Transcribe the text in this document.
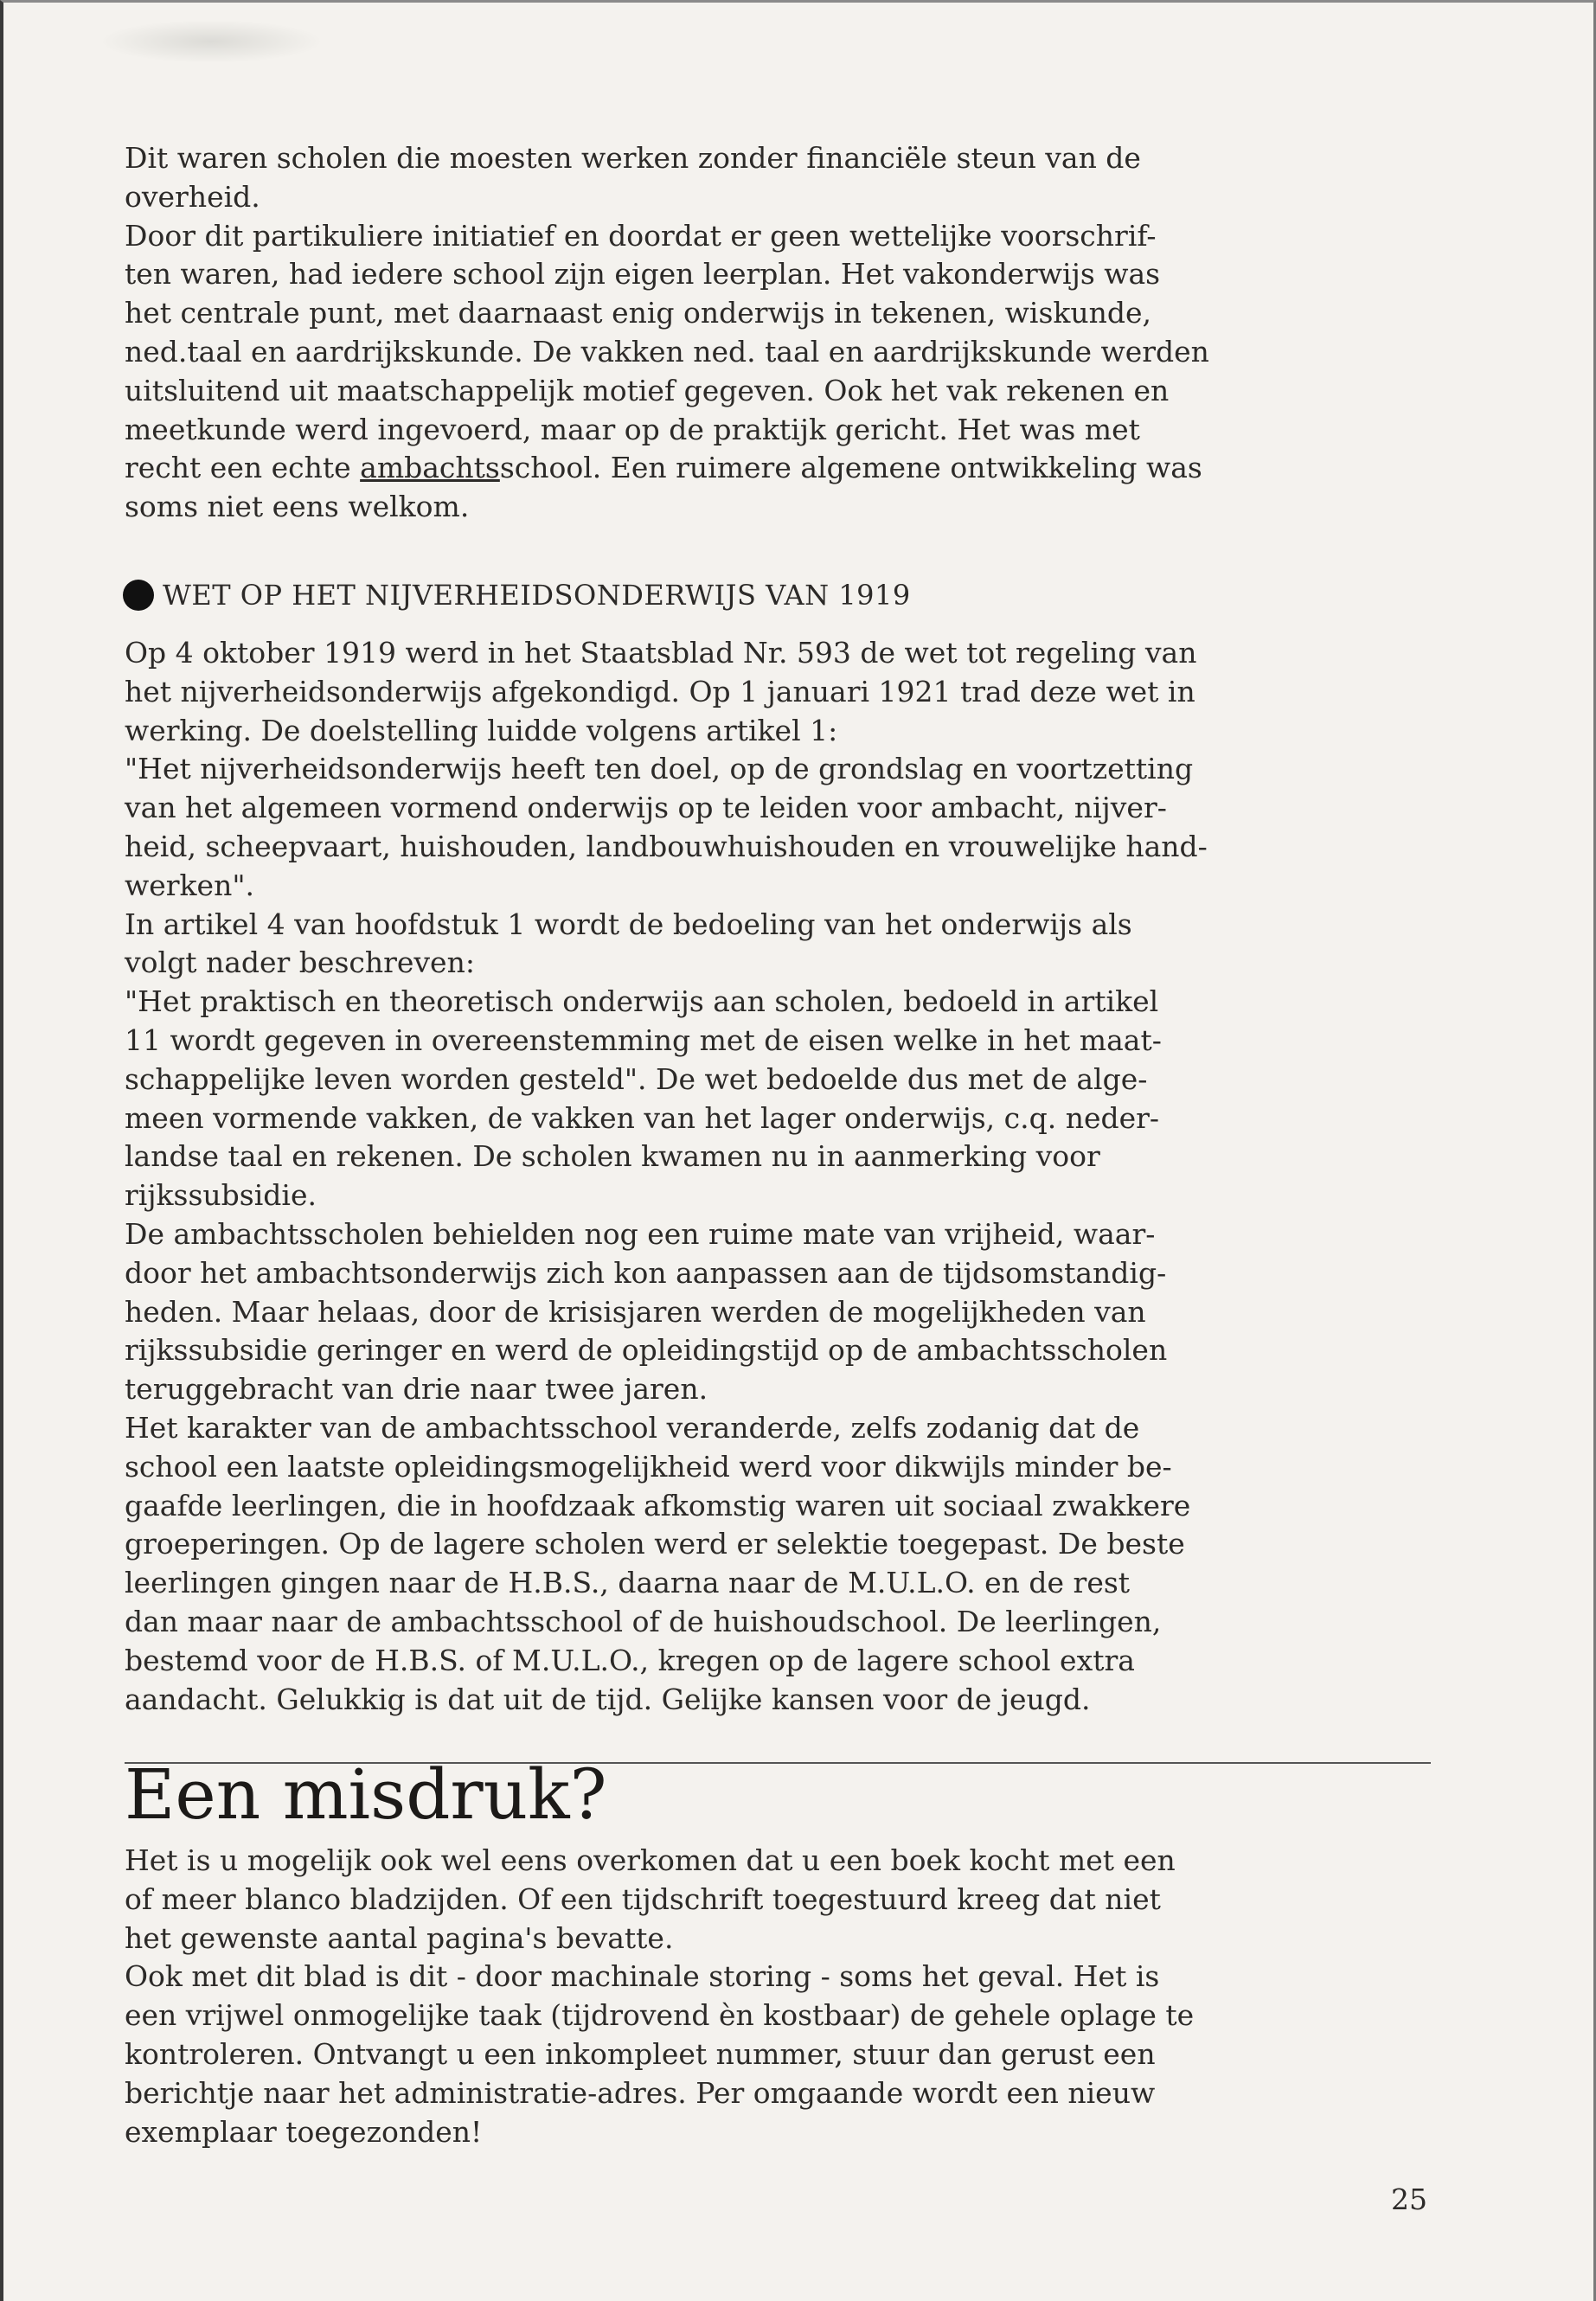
Dit waren scholen die moesten werken zonder financiële steun van de
overheid.
Door dit partikuliere initiatief en doordat er geen wettelijke voorschrif-
ten waren, had iedere school zijn eigen leerplan. Het vakonderwijs was
het centrale punt, met daarnaast enig onderwijs in tekenen, wiskunde,
ned.taal en aardrijkskunde. De vakken ned. taal en aardrijkskunde werden
uitsluitend uit maatschappelijk motief gegeven. Ook het vak rekenen en
meetkunde werd ingevoerd, maar op de praktijk gericht. Het was met
recht een echte ambachtsschool. Een ruimere algemene ontwikkeling was
soms niet eens welkom.
WET OP HET NIJVERHEIDSONDERWIJS VAN 1919
Op 4 oktober 1919 werd in het Staatsblad Nr. 593 de wet tot regeling van
het nijverheidsonderwijs afgekondigd. Op 1 januari 1921 trad deze wet in
werking. De doelstelling luidde volgens artikel 1:
"Het nijverheidsonderwijs heeft ten doel, op de grondslag en voortzetting
van het algemeen vormend onderwijs op te leiden voor ambacht, nijver-
heid, scheepvaart, huishouden, landbouwhuishouden en vrouwelijke hand-
werken".
In artikel 4 van hoofdstuk 1 wordt de bedoeling van het onderwijs als
volgt nader beschreven:
"Het praktisch en theoretisch onderwijs aan scholen, bedoeld in artikel
11 wordt gegeven in overeenstemming met de eisen welke in het maat-
schappelijke leven worden gesteld". De wet bedoelde dus met de alge-
meen vormende vakken, de vakken van het lager onderwijs, c.q. neder-
landse taal en rekenen. De scholen kwamen nu in aanmerking voor
rijkssubsidie.
De ambachtsscholen behielden nog een ruime mate van vrijheid, waar-
door het ambachtsonderwijs zich kon aanpassen aan de tijdsomstandig-
heden. Maar helaas, door de krisisjaren werden de mogelijkheden van
rijkssubsidie geringer en werd de opleidingstijd op de ambachtsscholen
teruggebracht van drie naar twee jaren.
Het karakter van de ambachtsschool veranderde, zelfs zodanig dat de
school een laatste opleidingsmogelijkheid werd voor dikwijls minder be-
gaafde leerlingen, die in hoofdzaak afkomstig waren uit sociaal zwakkere
groeperingen. Op de lagere scholen werd er selektie toegepast. De beste
leerlingen gingen naar de H.B.S., daarna naar de M.U.L.O. en de rest
dan maar naar de ambachtsschool of de huishoudschool. De leerlingen,
bestemd voor de H.B.S. of M.U.L.O., kregen op de lagere school extra
aandacht. Gelukkig is dat uit de tijd. Gelijke kansen voor de jeugd.
Een misdruk?
Het is u mogelijk ook wel eens overkomen dat u een boek kocht met een
of meer blanco bladzijden. Of een tijdschrift toegestuurd kreeg dat niet
het gewenste aantal pagina's bevatte.
Ook met dit blad is dit - door machinale storing - soms het geval. Het is
een vrijwel onmogelijke taak (tijdrovend èn kostbaar) de gehele oplage te
kontroleren. Ontvangt u een inkompleet nummer, stuur dan gerust een
berichtje naar het administratie-adres. Per omgaande wordt een nieuw
exemplaar toegezonden!
25
